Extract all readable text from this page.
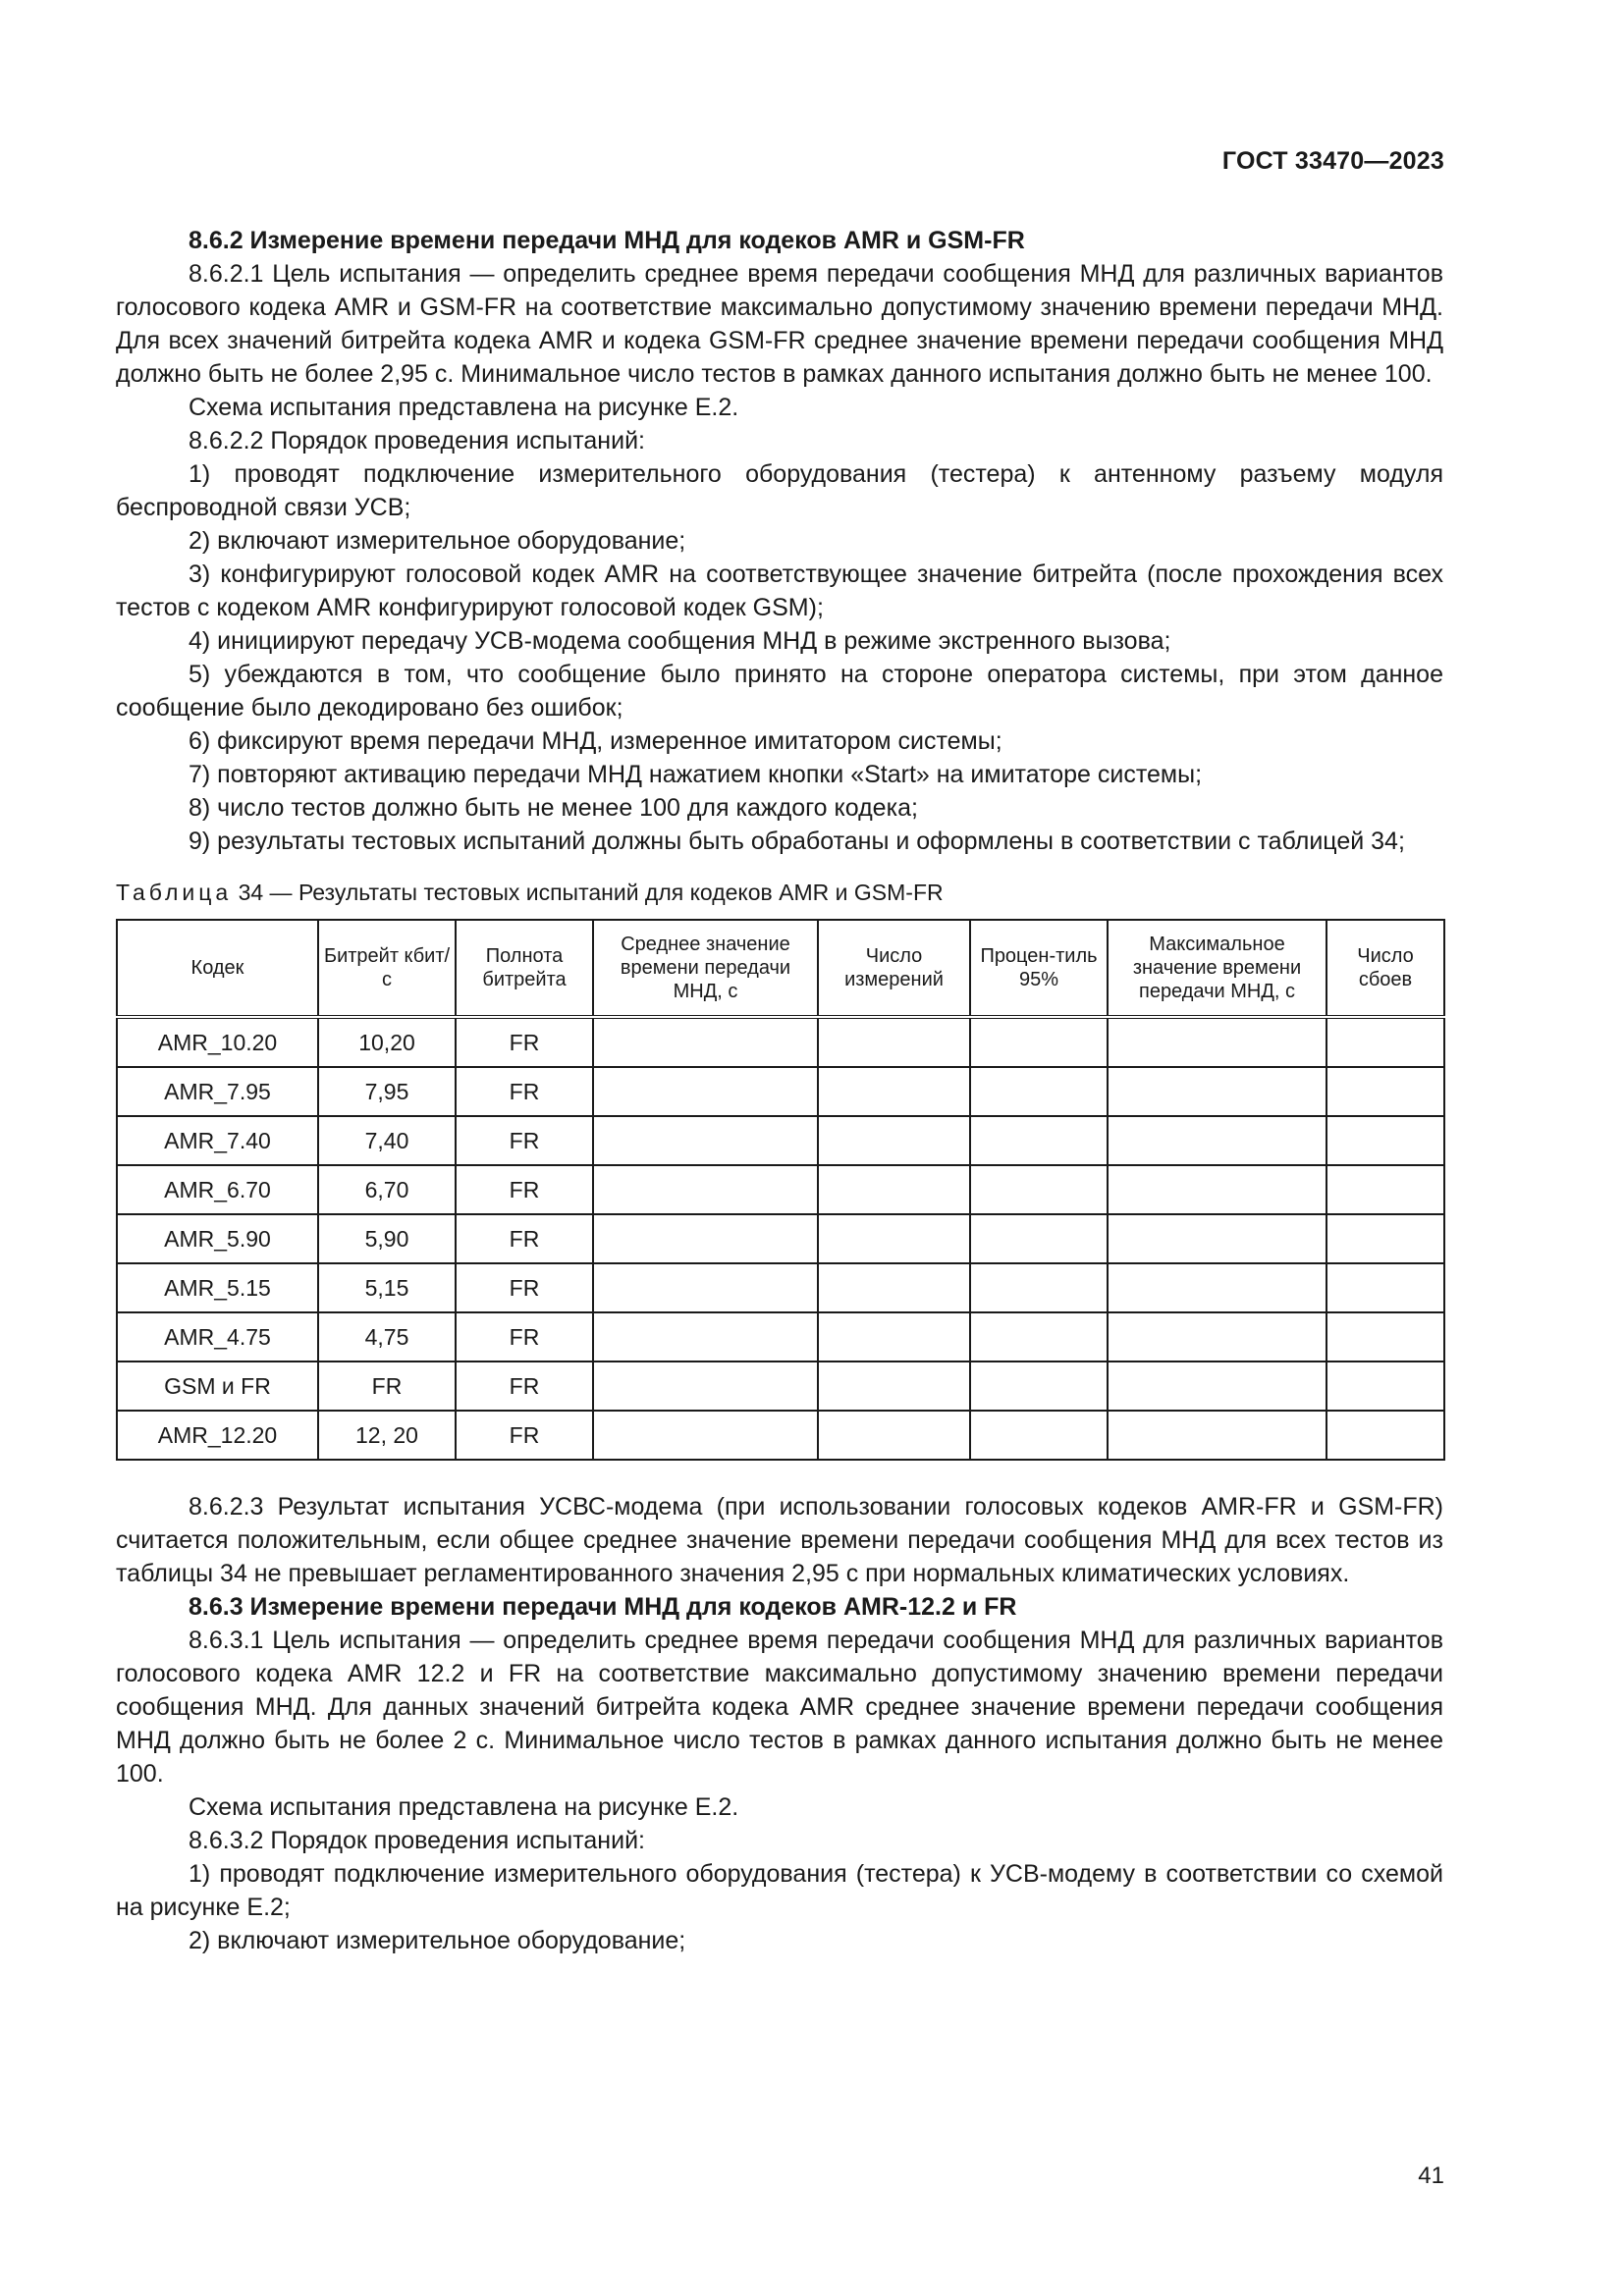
ГОСТ 33470—2023

8.6.2 Измерение времени передачи МНД для кодеков AMR и GSM-FR

8.6.2.1 Цель испытания — определить среднее время передачи сообщения МНД для различных вариантов голосового кодека AMR и GSM-FR на соответствие максимально допустимому значению времени передачи МНД. Для всех значений битрейта кодека AMR и кодека GSM-FR среднее значение времени передачи сообщения МНД должно быть не более 2,95 с. Минимальное число тестов в рамках данного испытания должно быть не менее 100.

Схема испытания представлена на рисунке Е.2.

8.6.2.2 Порядок проведения испытаний:

1) проводят подключение измерительного оборудования (тестера) к антенному разъему модуля беспроводной связи УСВ;

2) включают измерительное оборудование;

3) конфигурируют голосовой кодек AMR на соответствующее значение битрейта (после прохождения всех тестов с кодеком AMR конфигурируют голосовой кодек GSM);

4) инициируют передачу УСВ-модема сообщения МНД в режиме экстренного вызова;

5) убеждаются в том, что сообщение было принято на стороне оператора системы, при этом данное сообщение было декодировано без ошибок;

6) фиксируют время передачи МНД, измеренное имитатором системы;

7) повторяют активацию передачи МНД нажатием кнопки «Start» на имитаторе системы;

8) число тестов должно быть не менее 100 для каждого кодека;

9) результаты тестовых испытаний должны быть обработаны и оформлены в соответствии с таблицей 34;

Таблица 34 — Результаты тестовых испытаний для кодеков AMR и GSM-FR
Кодек	Битрейт кбит/с	Полнота битрейта	Среднее значение времени передачи МНД, с	Число измерений	Процен-тиль 95%	Максимальное значение времени передачи МНД, с	Число сбоев
AMR_10.20	10,20	FR					
AMR_7.95	7,95	FR					
AMR_7.40	7,40	FR					
AMR_6.70	6,70	FR					
AMR_5.90	5,90	FR					
AMR_5.15	5,15	FR					
AMR_4.75	4,75	FR					
GSM и FR	FR	FR					
AMR_12.20	12, 20	FR					

8.6.2.3 Результат испытания УСВС-модема (при использовании голосовых кодеков AMR-FR и GSM-FR) считается положительным, если общее среднее значение времени передачи сообщения МНД для всех тестов из таблицы 34 не превышает регламентированного значения 2,95 с при нормальных климатических условиях.

8.6.3 Измерение времени передачи МНД для кодеков AMR-12.2 и FR

8.6.3.1 Цель испытания — определить среднее время передачи сообщения МНД для различных вариантов голосового кодека AMR 12.2 и FR на соответствие максимально допустимому значению времени передачи сообщения МНД. Для данных значений битрейта кодека AMR среднее значение времени передачи сообщения МНД должно быть не более 2 с. Минимальное число тестов в рамках данного испытания должно быть не менее 100.

Схема испытания представлена на рисунке Е.2.

8.6.3.2 Порядок проведения испытаний:

1) проводят подключение измерительного оборудования (тестера) к УСВ-модему в соответствии со схемой на рисунке Е.2;

2) включают измерительное оборудование;

41
